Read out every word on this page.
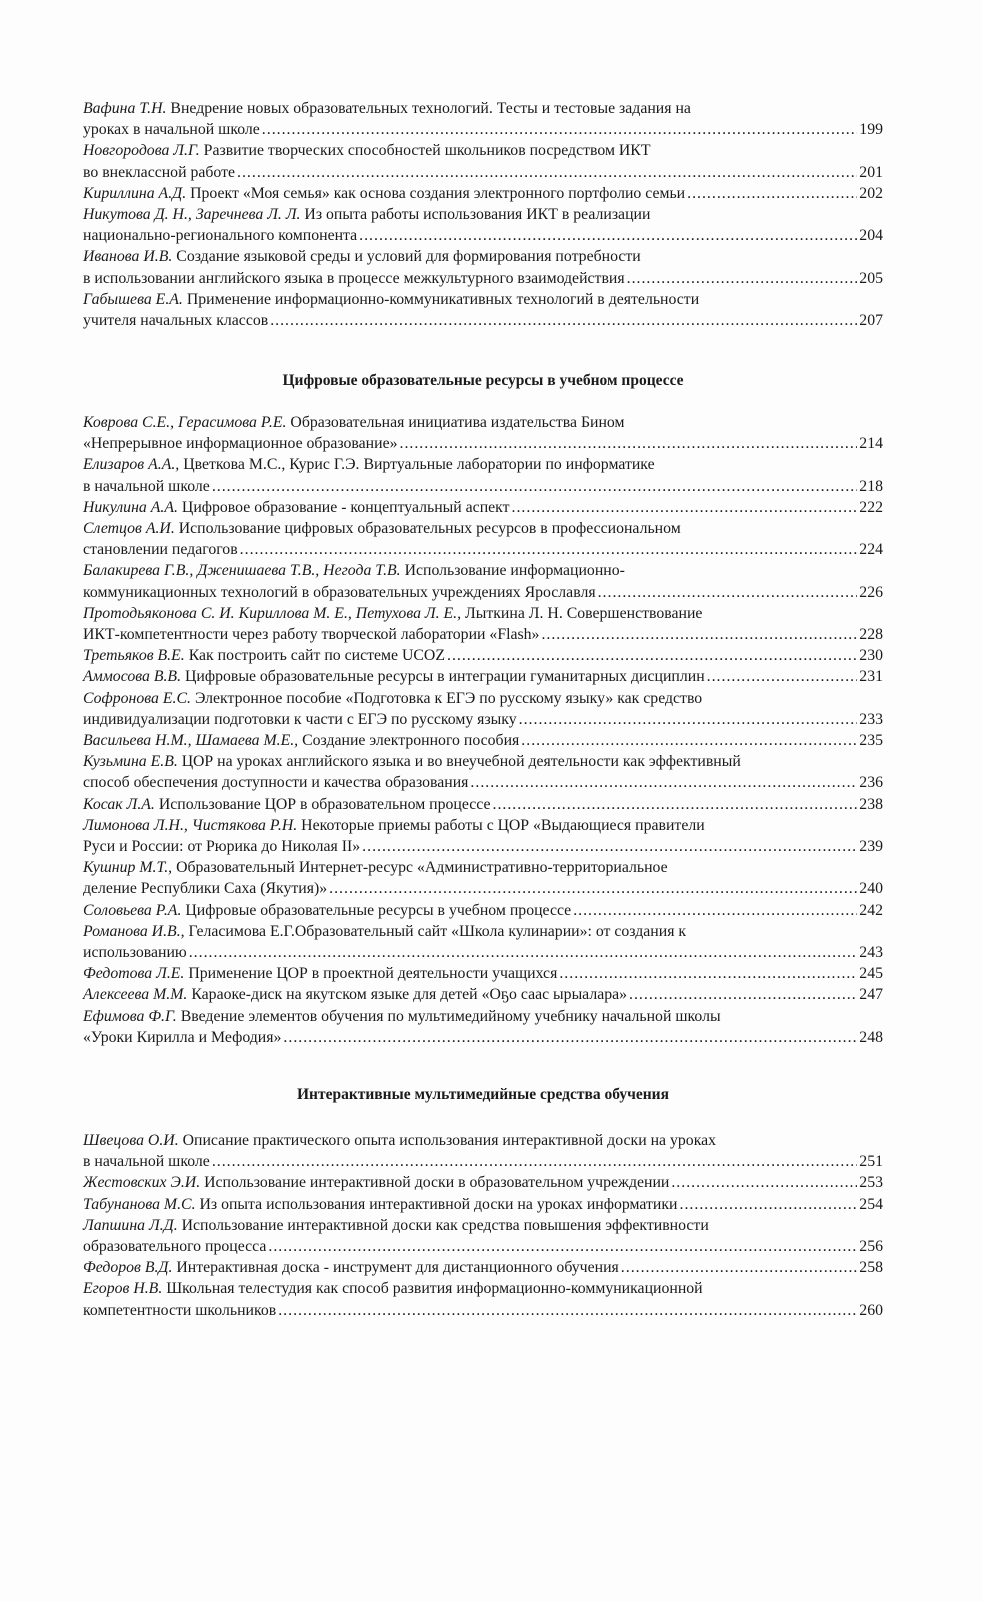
Вафина Т.Н. Внедрение новых образовательных технологий. Тесты и тестовые задания на
уроках в начальной школе .....	199
Новгородова Л.Г. Развитие творческих способностей школьников посредством ИКТ
во внеклассной работе .....	201
Кириллина А.Д. Проект «Моя семья» как основа создания электронного портфолио семьи .....	202
Никутова Д. Н., Заречнева Л. Л. Из опыта работы использования ИКТ в реализации
национально-регионального компонента .....	204
Иванова И.В. Создание языковой среды и условий для формирования потребности
в использовании английского языка в процессе межкультурного взаимодействия .....	205
Габышева Е.А. Применение информационно-коммуникативных технологий в деятельности
учителя начальных классов .....	207
Цифровые образовательные ресурсы в учебном процессе
Коврова С.Е., Герасимова Р.Е. Образовательная инициатива издательства Бином
«Непрерывное информационное образование» .....	214
Елизаров А.А., Цветкова М.С., Курис Г.Э. Виртуальные лаборатории по информатике
в начальной школе .....	218
Никулина А.А. Цифровое образование - концептуальный аспект .....	222
Слетцов А.И. Использование цифровых образовательных ресурсов в профессиональном
становлении педагогов .....	224
Балакирева Г.В., Дженишаева Т.В., Негода Т.В. Использование информационно-
коммуникационных технологий в образовательных учреждениях Ярославля .....	226
Протодьяконова С. И. Кириллова М. Е., Петухова Л. Е., Лыткина Л. Н. Совершенствование
ИКТ-компетентности через работу творческой лаборатории «Flash» .....	228
Третьяков В.Е. Как построить сайт по системе UCOZ .....	230
Аммосова В.В. Цифровые образовательные ресурсы в интеграции гуманитарных дисциплин .....	231
Софронова Е.С. Электронное пособие «Подготовка к ЕГЭ по русскому языку» как средство
индивидуализации подготовки к части с ЕГЭ по русскому языку .....	233
Васильева Н.М., Шамаева М.Е., Создание электронного пособия .....	235
Кузьмина Е.В. ЦОР на уроках английского языка и во внеучебной деятельности как эффективный
способ обеспечения доступности и качества образования .....	236
Косак Л.А. Использование ЦОР в образовательном процессе .....	238
Лимонова Л.Н., Чистякова Р.Н. Некоторые приемы работы с ЦОР «Выдающиеся правители
Руси и России: от Рюрика до Николая II» .....	239
Кушнир М.Т., Образовательный Интернет-ресурс «Административно-территориальное
деление Республики Саха (Якутия)» .....	240
Соловьева Р.А. Цифровые образовательные ресурсы в учебном процессе .....	242
Романова И.В., Геласимова Е.Г.Образовательный сайт «Школа кулинарии»: от создания к
использованию .....	243
Федотова Л.Е. Применение ЦОР в проектной деятельности учащихся .....	245
Алексеева М.М. Караоке-диск на якутском языке для детей «Оҕо саас ырыалара» .....	247
Ефимова Ф.Г. Введение элементов обучения по мультимедийному учебнику начальной школы
«Уроки Кирилла и Мефодия» .....	248
Интерактивные мультимедийные средства обучения
Швецова О.И. Описание практического опыта использования интерактивной доски на уроках
в начальной школе .....	251
Жестовских Э.И. Использование интерактивной доски в образовательном учреждении .....	253
Табунанова М.С. Из опыта использования интерактивной доски на уроках информатики .....	254
Лапшина Л.Д. Использование интерактивной доски как средства повышения эффективности
образовательного процесса .....	256
Федоров В.Д. Интерактивная доска - инструмент для дистанционного обучения .....	258
Егоров Н.В. Школьная телестудия как способ развития информационно-коммуникационной
компетентности школьников .....	260
